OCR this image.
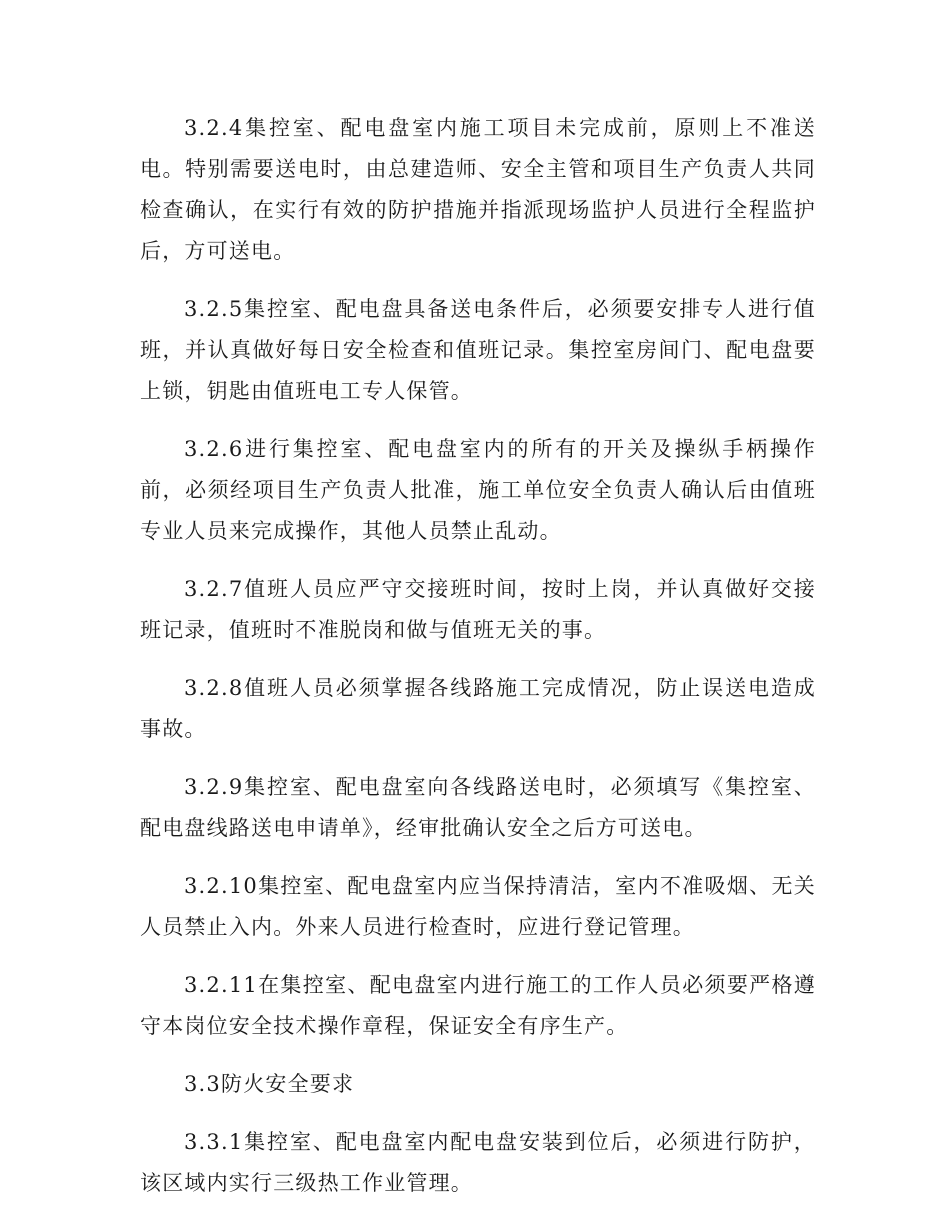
3.2.4集控室、配电盘室内施工项目未完成前，原则上不准送电。特别需要送电时，由总建造师、安全主管和项目生产负责人共同检查确认，在实行有效的防护措施并指派现场监护人员进行全程监护后，方可送电。

3.2.5集控室、配电盘具备送电条件后，必须要安排专人进行值班，并认真做好每日安全检查和值班记录。集控室房间门、配电盘要上锁，钥匙由值班电工专人保管。

3.2.6进行集控室、配电盘室内的所有的开关及操纵手柄操作前，必须经项目生产负责人批准，施工单位安全负责人确认后由值班专业人员来完成操作，其他人员禁止乱动。

3.2.7值班人员应严守交接班时间，按时上岗，并认真做好交接班记录，值班时不准脱岗和做与值班无关的事。

3.2.8值班人员必须掌握各线路施工完成情况，防止误送电造成事故。

3.2.9集控室、配电盘室向各线路送电时，必须填写《集控室、配电盘线路送电申请单》，经审批确认安全之后方可送电。

3.2.10集控室、配电盘室内应当保持清洁，室内不准吸烟、无关人员禁止入内。外来人员进行检查时，应进行登记管理。

3.2.11在集控室、配电盘室内进行施工的工作人员必须要严格遵守本岗位安全技术操作章程，保证安全有序生产。

3.3防火安全要求

3.3.1集控室、配电盘室内配电盘安装到位后，必须进行防护，该区域内实行三级热工作业管理。
